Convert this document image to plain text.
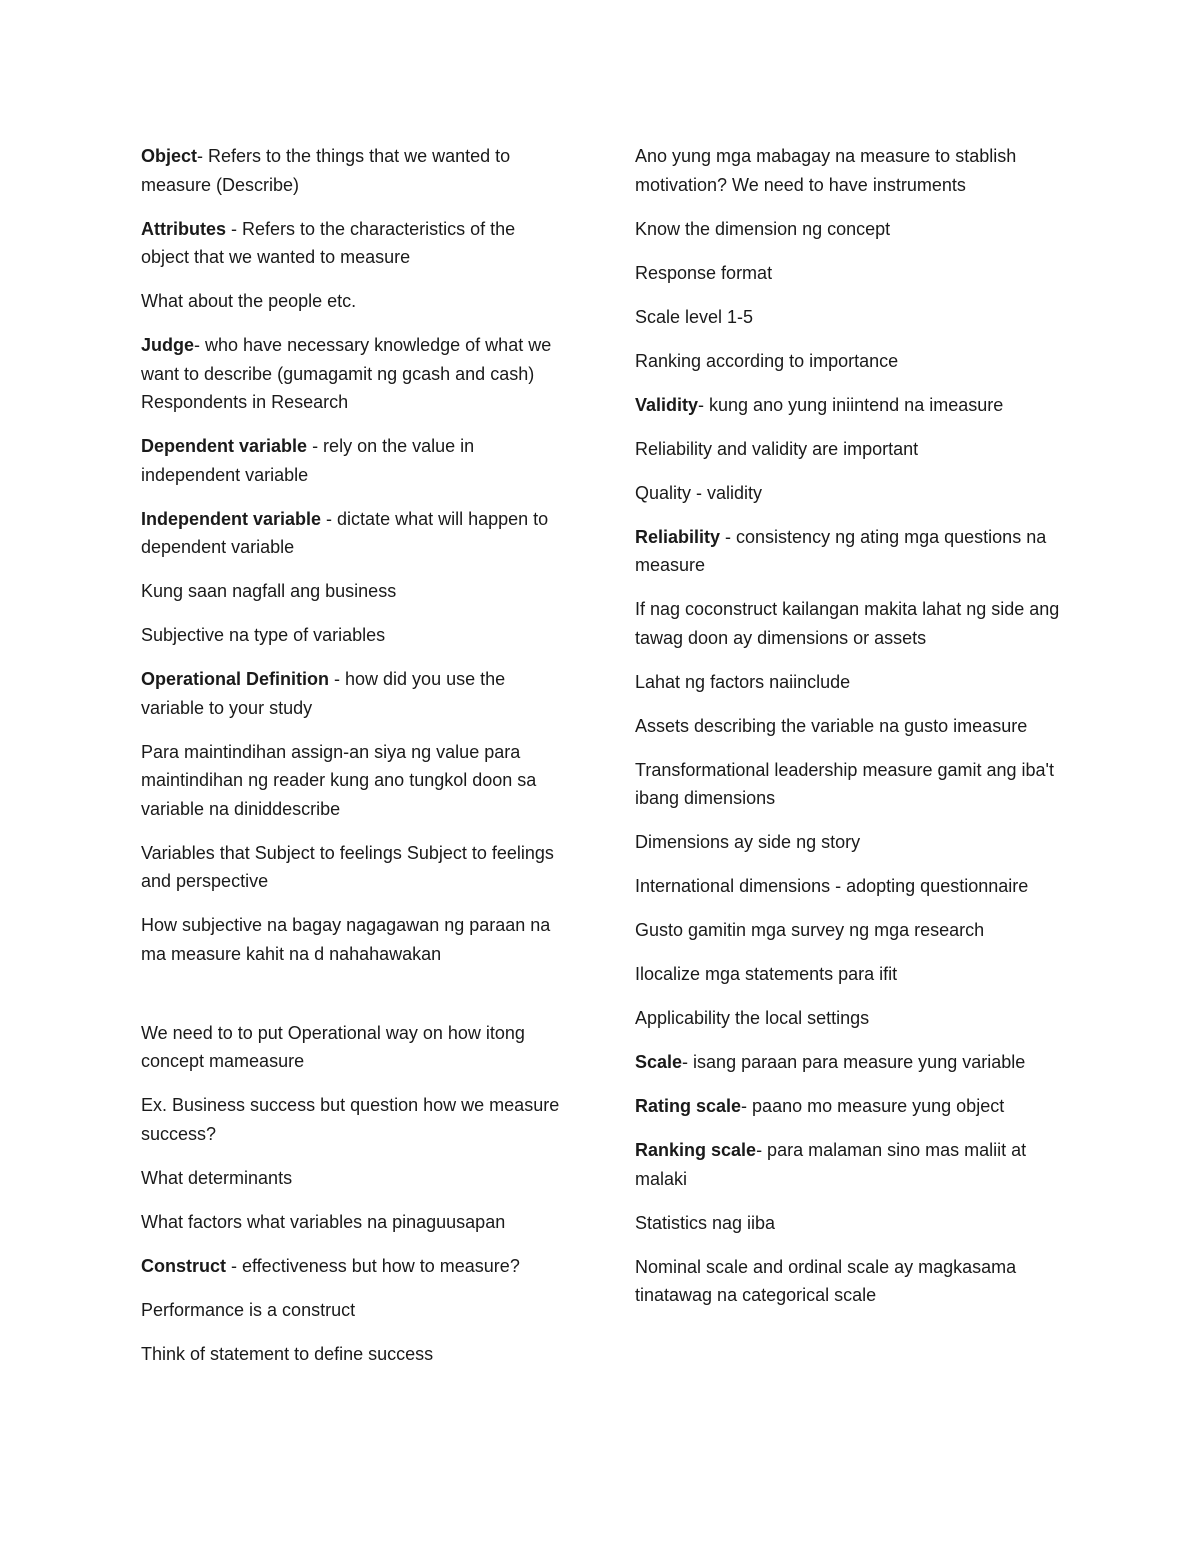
Object- Refers to the things that we wanted to measure (Describe)

Attributes - Refers to the characteristics of the object that we wanted to measure

What about the people etc.

Judge- who have necessary knowledge of what we want to describe (gumagamit ng gcash and cash) Respondents in Research

Dependent variable - rely on the value in independent variable

Independent variable - dictate what will happen to dependent variable

Kung saan nagfall ang business

Subjective na type of variables

Operational Definition - how did you use the variable to your study

Para maintindihan assign-an siya ng value para maintindihan ng reader kung ano tungkol doon sa variable na diniddescribe

Variables that Subject to feelings Subject to feelings and perspective

How subjective na bagay nagagawan ng paraan na ma measure kahit na d nahahawakan

We need to to put Operational way on how itong concept mameasure

Ex. Business success but question how we measure success?

What determinants

What factors what variables na pinaguusapan

Construct - effectiveness but how to measure?

Performance is a construct

Think of statement to define success

Ano yung mga mabagay na measure to stablish motivation? We need to have instruments

Know the dimension ng concept

Response format

Scale level 1-5

Ranking according to importance

Validity- kung ano yung iniintend na imeasure

Reliability and validity are important

Quality - validity

Reliability - consistency ng ating mga questions na measure

If nag coconstruct kailangan makita lahat ng side ang tawag doon ay dimensions or assets

Lahat ng factors naiinclude

Assets describing the variable na gusto imeasure

Transformational leadership measure gamit ang iba't ibang dimensions

Dimensions ay side ng story

International dimensions - adopting questionnaire

Gusto gamitin mga survey ng mga research

Ilocalize mga statements para ifit

Applicability the local settings

Scale- isang paraan para measure yung variable

Rating scale- paano mo measure yung object

Ranking scale- para malaman sino mas maliit at malaki

Statistics nag iiba

Nominal scale and ordinal scale ay magkasama tinatawag na categorical scale
